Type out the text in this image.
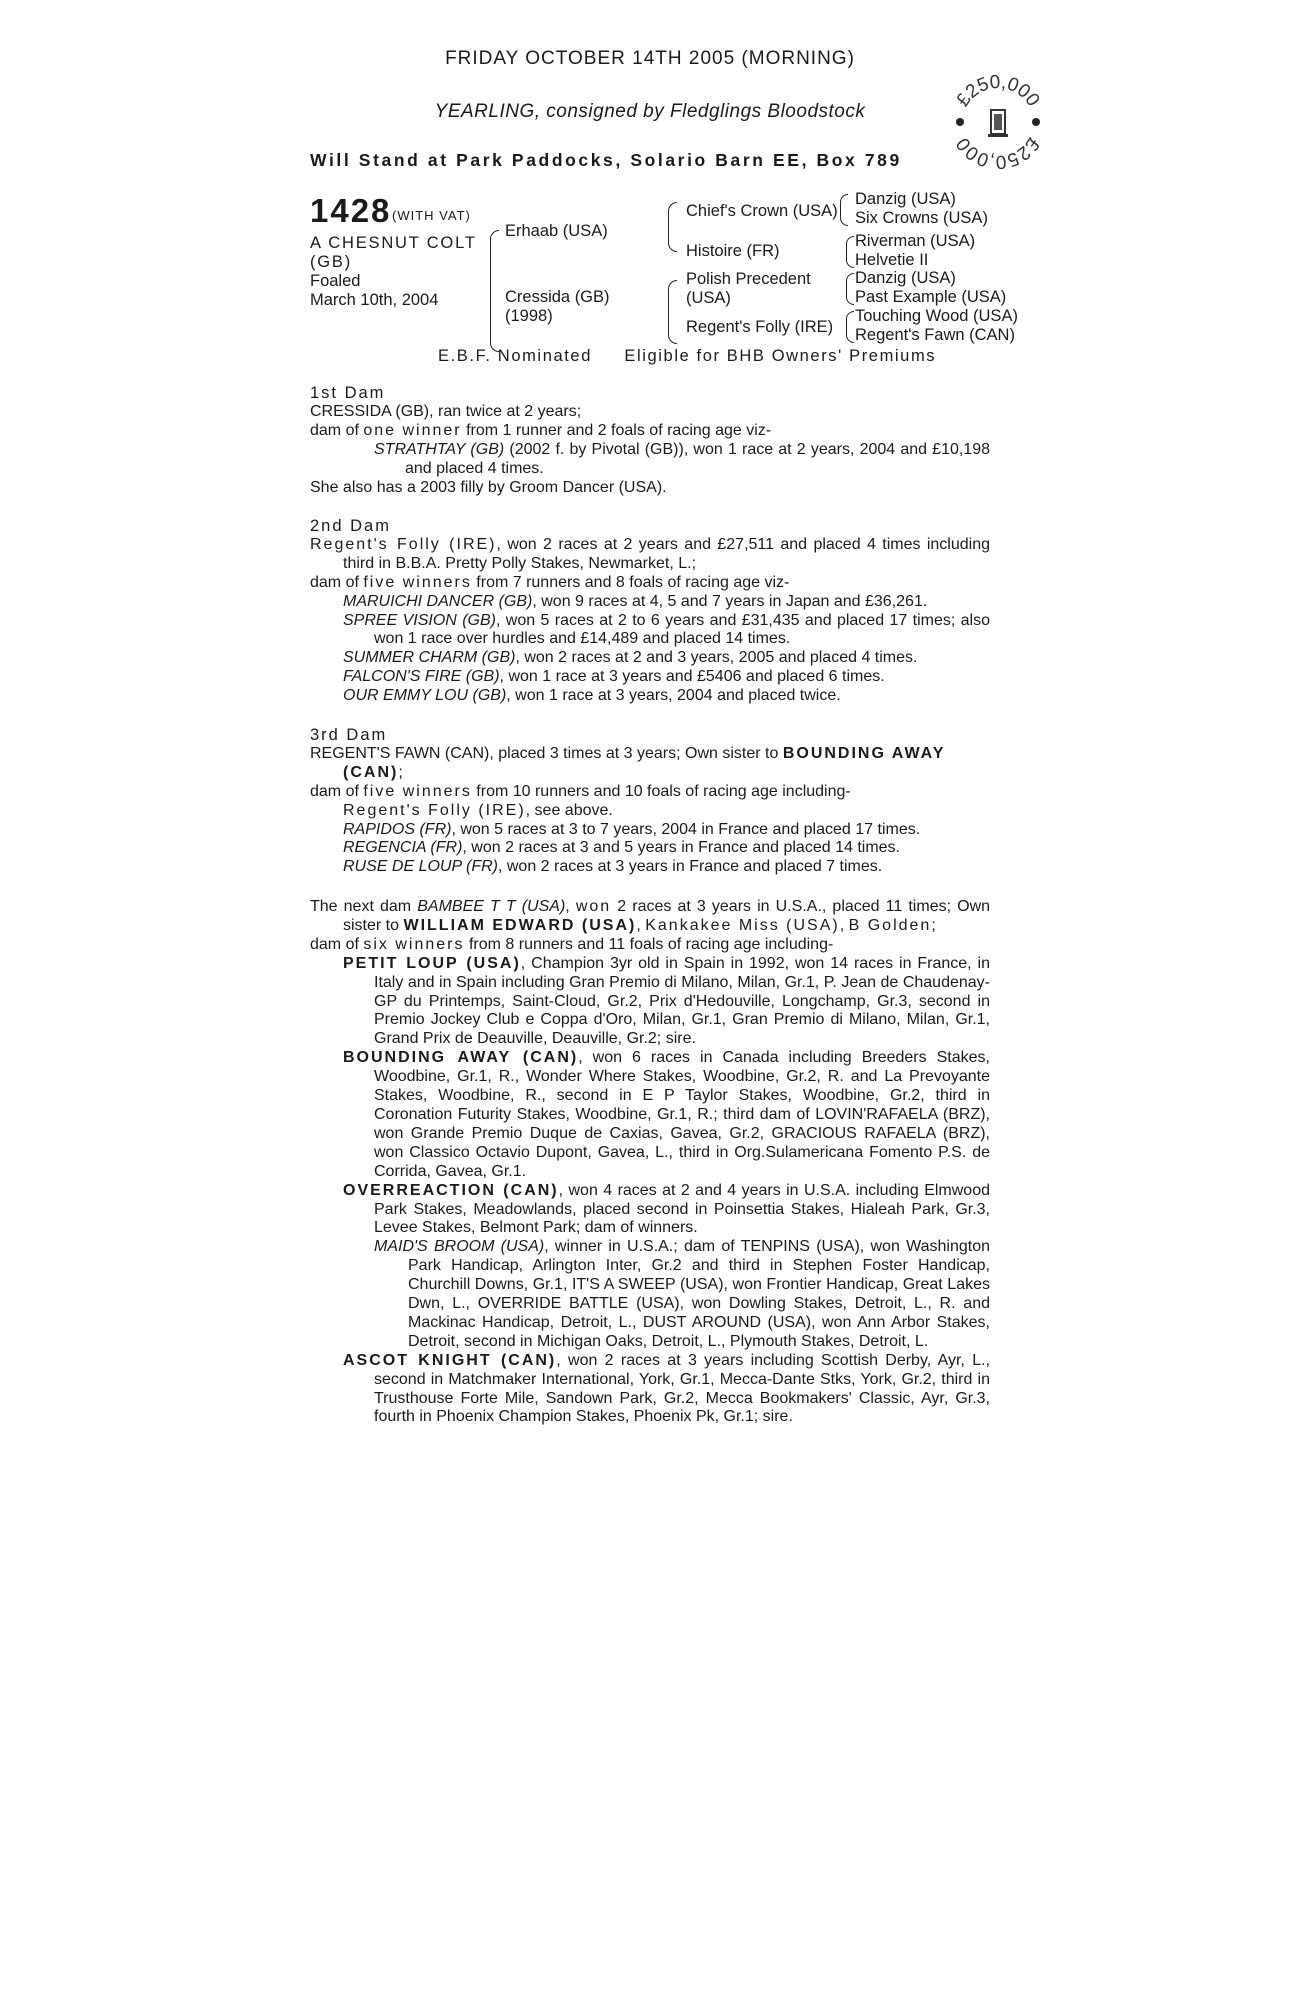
FRIDAY OCTOBER 14TH 2005 (MORNING)
YEARLING, consigned by Fledglings Bloodstock
Will Stand at Park Paddocks, Solario Barn EE, Box 789
1428 (WITH VAT)
A CHESNUT COLT
(GB)
Foaled
March 10th, 2004
Erhaab (USA)
Cressida (GB)
(1998)
Chief's Crown (USA)
Histoire (FR)
Polish Precedent
(USA)
Regent's Folly (IRE)
Danzig (USA)
Six Crowns (USA)
Riverman (USA)
Helvetie II
Danzig (USA)
Past Example (USA)
Touching Wood (USA)
Regent's Fawn (CAN)
E.B.F. Nominated Eligible for BHB Owners' Premiums

1st Dam

CRESSIDA (GB), ran twice at 2 years;

dam of one winner from 1 runner and 2 foals of racing age viz-

STRATHTAY (GB) (2002 f. by Pivotal (GB)), won 1 race at 2 years, 2004 and £10,198 and placed 4 times.

She also has a 2003 filly by Groom Dancer (USA).

2nd Dam

Regent's Folly (IRE), won 2 races at 2 years and £27,511 and placed 4 times including third in B.B.A. Pretty Polly Stakes, Newmarket, L.;

dam of five winners from 7 runners and 8 foals of racing age viz-

MARUICHI DANCER (GB), won 9 races at 4, 5 and 7 years in Japan and £36,261.

SPREE VISION (GB), won 5 races at 2 to 6 years and £31,435 and placed 17 times; also won 1 race over hurdles and £14,489 and placed 14 times.

SUMMER CHARM (GB), won 2 races at 2 and 3 years, 2005 and placed 4 times.

FALCON'S FIRE (GB), won 1 race at 3 years and £5406 and placed 6 times.

OUR EMMY LOU (GB), won 1 race at 3 years, 2004 and placed twice.

3rd Dam

REGENT'S FAWN (CAN), placed 3 times at 3 years; Own sister to BOUNDING AWAY (CAN);

dam of five winners from 10 runners and 10 foals of racing age including-

Regent's Folly (IRE), see above.

RAPIDOS (FR), won 5 races at 3 to 7 years, 2004 in France and placed 17 times.

REGENCIA (FR), won 2 races at 3 and 5 years in France and placed 14 times.

RUSE DE LOUP (FR), won 2 races at 3 years in France and placed 7 times.

The next dam BAMBEE T T (USA), won 2 races at 3 years in U.S.A., placed 11 times; Own sister to WILLIAM EDWARD (USA), Kankakee Miss (USA), B Golden;

dam of six winners from 8 runners and 11 foals of racing age including-

PETIT LOUP (USA), Champion 3yr old in Spain in 1992, won 14 races in France, in Italy and in Spain including Gran Premio di Milano, Milan, Gr.1, P. Jean de Chaudenay-GP du Printemps, Saint-Cloud, Gr.2, Prix d'Hedouville, Longchamp, Gr.3, second in Premio Jockey Club e Coppa d'Oro, Milan, Gr.1, Gran Premio di Milano, Milan, Gr.1, Grand Prix de Deauville, Deauville, Gr.2; sire.

BOUNDING AWAY (CAN), won 6 races in Canada including Breeders Stakes, Woodbine, Gr.1, R., Wonder Where Stakes, Woodbine, Gr.2, R. and La Prevoyante Stakes, Woodbine, R., second in E P Taylor Stakes, Woodbine, Gr.2, third in Coronation Futurity Stakes, Woodbine, Gr.1, R.; third dam of LOVIN'RAFAELA (BRZ), won Grande Premio Duque de Caxias, Gavea, Gr.2, GRACIOUS RAFAELA (BRZ), won Classico Octavio Dupont, Gavea, L., third in Org.Sulamericana Fomento P.S. de Corrida, Gavea, Gr.1.

OVERREACTION (CAN), won 4 races at 2 and 4 years in U.S.A. including Elmwood Park Stakes, Meadowlands, placed second in Poinsettia Stakes, Hialeah Park, Gr.3, Levee Stakes, Belmont Park; dam of winners.

MAID'S BROOM (USA), winner in U.S.A.; dam of TENPINS (USA), won Washington Park Handicap, Arlington Inter, Gr.2 and third in Stephen Foster Handicap, Churchill Downs, Gr.1, IT'S A SWEEP (USA), won Frontier Handicap, Great Lakes Dwn, L., OVERRIDE BATTLE (USA), won Dowling Stakes, Detroit, L., R. and Mackinac Handicap, Detroit, L., DUST AROUND (USA), won Ann Arbor Stakes, Detroit, second in Michigan Oaks, Detroit, L., Plymouth Stakes, Detroit, L.

ASCOT KNIGHT (CAN), won 2 races at 3 years including Scottish Derby, Ayr, L., second in Matchmaker International, York, Gr.1, Mecca-Dante Stks, York, Gr.2, third in Trusthouse Forte Mile, Sandown Park, Gr.2, Mecca Bookmakers' Classic, Ayr, Gr.3, fourth in Phoenix Champion Stakes, Phoenix Pk, Gr.1; sire.

£250,000
£250,000
